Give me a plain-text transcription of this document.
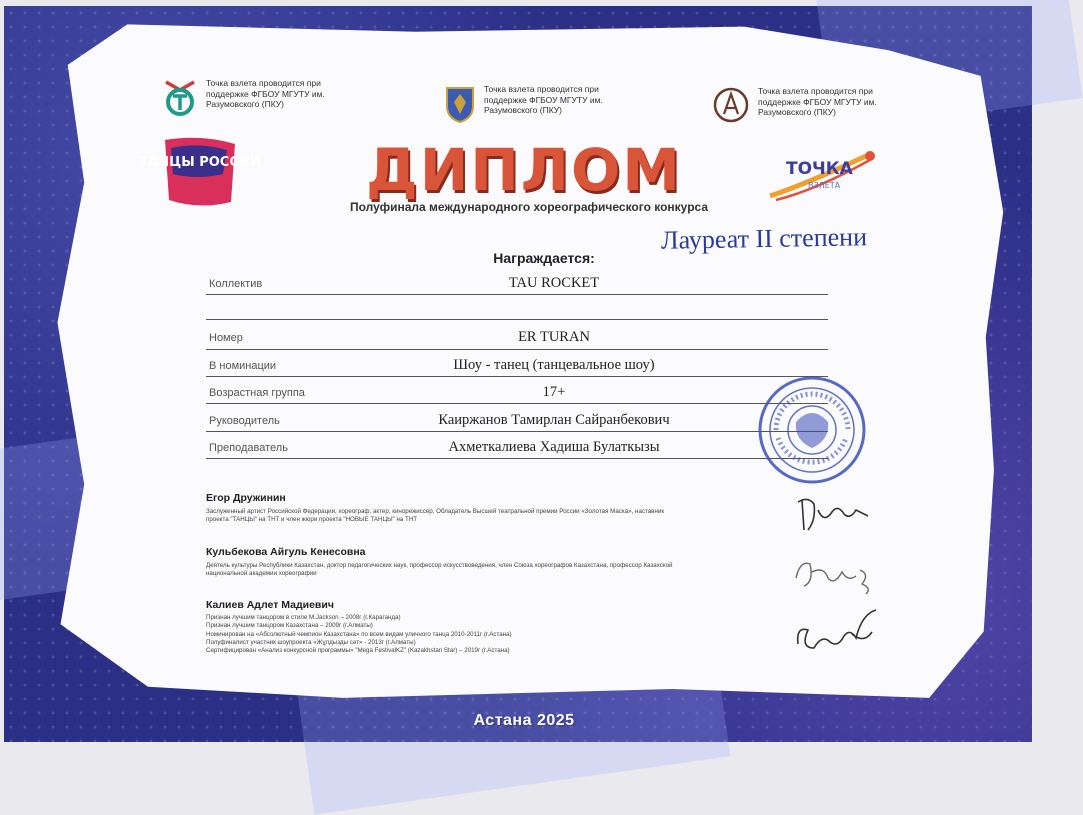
Точка взлета проводится при поддержке ФГБОУ МГУТУ им. Разумовского (ПКУ)
Точка взлета проводится при поддержке ФГБОУ МГУТУ им. Разумовского (ПКУ)
Точка взлета проводится при поддержке ФГБОУ МГУТУ им. Разумовского (ПКУ)
ТАНЦЫ РОССИИ	ТОЧКА
ВЗЛЕТА
ДИПЛОМ
Полуфинала международного хореографического конкурса
Лауреат II степени
Награждается:
Коллектив	TAU ROCKET
Номер	ER TURAN
В номинации	Шоу - танец (танцевальное шоу)
Возрастная группа	17+
Руководитель	Каиржанов Тамирлан Сайранбекович
Преподаватель	Ахметкалиева Хадиша Булаткызы
Егор Дружинин
Заслуженный артист Российской Федерации, хореограф, актер, кинорежиссер, Обладатель Высшей театральной премии России «Золотая Маска», наставник проекта "ТАНЦЫ" на ТНТ и член жюри проекта "НОВЫЕ ТАНЦЫ" на ТНТ
Кульбекова Айгуль Кенесовна
Деятель культуры Республики Казахстан, доктор педагогических наук, профессор искусствоведения, член Союза хореографов Казахстана, профессор Казахской национальной академии хореографии
Калиев Адлет Мадиевич
Признан лучшим танцором в стиле M.Jackson – 2008г (г.Караганда)
Признан лучшим танцором Казахстана – 2009г (г.Алматы)
Номинирован на «Абсолютный чемпион Казахстана» по всем видам уличного танца 2010-2011г (г.Астана)
Полуфиналист участник шоупроекта «Жұлдызды сәт» - 2013г (г.Алматы)
Сертифицирован «Анализ конкурсной программы» "Mega FestivalKZ" (Kazakhstan Star) – 2019г (г.Астана)
Астана 2025
